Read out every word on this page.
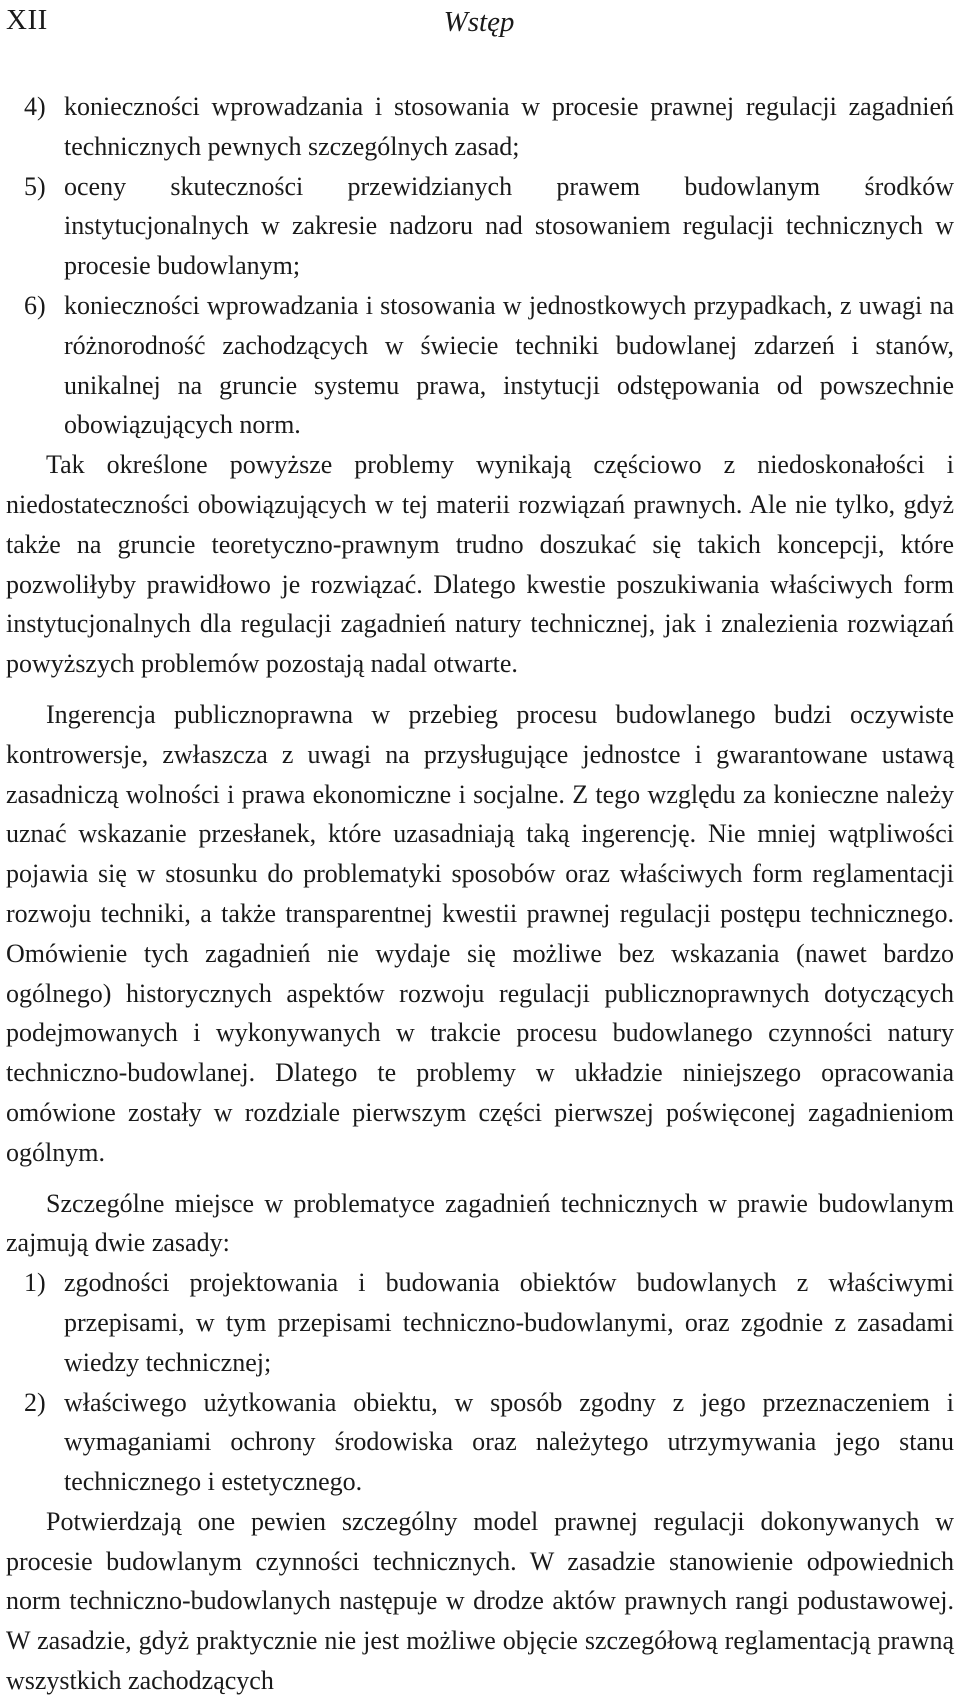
XII	Wstęp

4) konieczności wprowadzania i stosowania w procesie prawnej regulacji zagadnień technicznych pewnych szczególnych zasad;

5) oceny skuteczności przewidzianych prawem budowlanym środków instytucjonalnych w zakresie nadzoru nad stosowaniem regulacji technicznych w procesie budowlanym;

6) konieczności wprowadzania i stosowania w jednostkowych przypadkach, z uwagi na różnorodność zachodzących w świecie techniki budowlanej zdarzeń i stanów, unikalnej na gruncie systemu prawa, instytucji odstępowania od powszechnie obowiązujących norm.

Tak określone powyższe problemy wynikają częściowo z niedoskonałości i niedostateczności obowiązujących w tej materii rozwiązań prawnych. Ale nie tylko, gdyż także na gruncie teoretyczno-prawnym trudno doszukać się takich koncepcji, które pozwoliłyby prawidłowo je rozwiązać. Dlatego kwestie poszukiwania właściwych form instytucjonalnych dla regulacji zagadnień natury technicznej, jak i znalezienia rozwiązań powyższych problemów pozostają nadal otwarte.

Ingerencja publicznoprawna w przebieg procesu budowlanego budzi oczywiste kontrowersje, zwłaszcza z uwagi na przysługujące jednostce i gwarantowane ustawą zasadniczą wolności i prawa ekonomiczne i socjalne. Z tego względu za konieczne należy uznać wskazanie przesłanek, które uzasadniają taką ingerencję. Nie mniej wątpliwości pojawia się w stosunku do problematyki sposobów oraz właściwych form reglamentacji rozwoju techniki, a także transparentnej kwestii prawnej regulacji postępu technicznego. Omówienie tych zagadnień nie wydaje się możliwe bez wskazania (nawet bardzo ogólnego) historycznych aspektów rozwoju regulacji publicznoprawnych dotyczących podejmowanych i wykonywanych w trakcie procesu budowlanego czynności natury techniczno-budowlanej. Dlatego te problemy w układzie niniejszego opracowania omówione zostały w rozdziale pierwszym części pierwszej poświęconej zagadnieniom ogólnym.

Szczególne miejsce w problematyce zagadnień technicznych w prawie budowlanym zajmują dwie zasady:

1) zgodności projektowania i budowania obiektów budowlanych z właściwymi przepisami, w tym przepisami techniczno-budowlanymi, oraz zgodnie z zasadami wiedzy technicznej;

2) właściwego użytkowania obiektu, w sposób zgodny z jego przeznaczeniem i wymaganiami ochrony środowiska oraz należytego utrzymywania jego stanu technicznego i estetycznego.

Potwierdzają one pewien szczególny model prawnej regulacji dokonywanych w procesie budowlanym czynności technicznych. W zasadzie stanowienie odpowiednich norm techniczno-budowlanych następuje w drodze aktów prawnych rangi podustawowej. W zasadzie, gdyż praktycznie nie jest możliwe objęcie szczegółową reglamentacją prawną wszystkich zachodzących
